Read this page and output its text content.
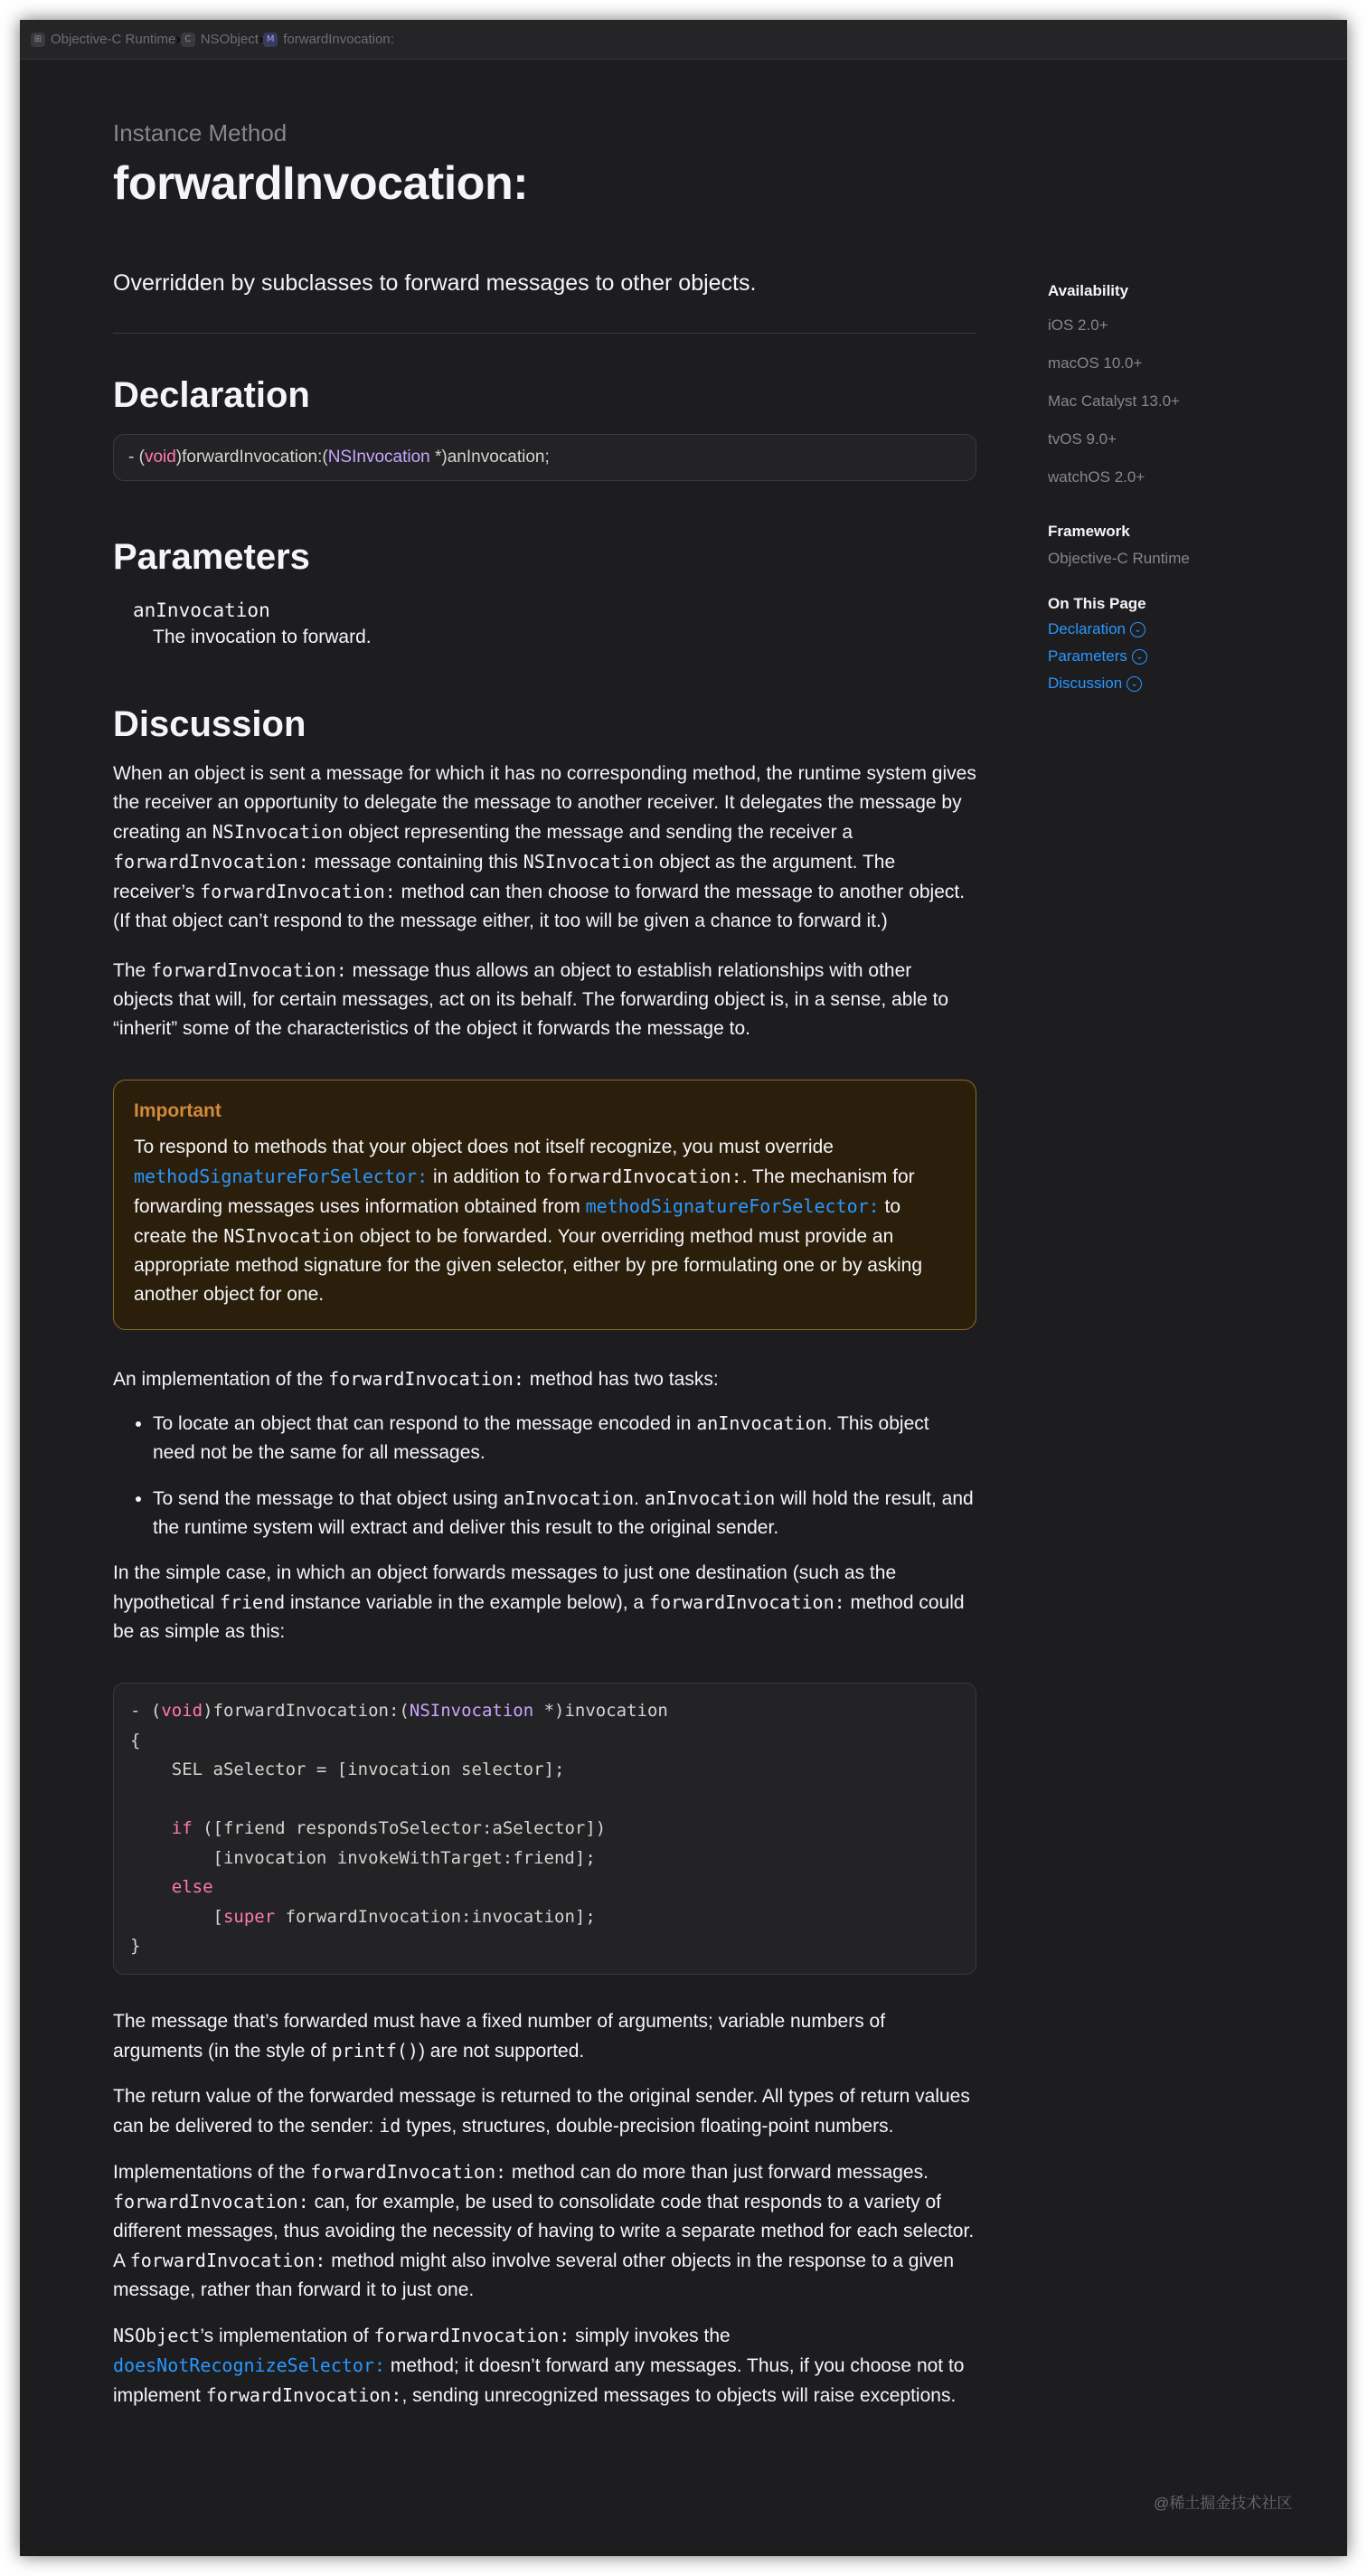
⊞ Objective-C Runtime › C NSObject › M forwardInvocation:
Instance Method
forwardInvocation:
Overridden by subclasses to forward messages to other objects.
Declaration
- (void)forwardInvocation:(NSInvocation *)anInvocation;
Parameters
anInvocation
The invocation to forward.
Discussion

When an object is sent a message for which it has no corresponding method, the runtime system gives the receiver an opportunity to delegate the message to another receiver. It delegates the message by creating an NSInvocation object representing the message and sending the receiver a forwardInvocation: message containing this NSInvocation object as the argument. The receiver’s forwardInvocation: method can then choose to forward the message to another object. (If that object can’t respond to the message either, it too will be given a chance to forward it.)

The forwardInvocation: message thus allows an object to establish relationships with other objects that will, for certain messages, act on its behalf. The forwarding object is, in a sense, able to “inherit” some of the characteristics of the object it forwards the message to.

Important

To respond to methods that your object does not itself recognize, you must override methodSignatureForSelector: in addition to forwardInvocation:. The mechanism for forwarding messages uses information obtained from methodSignatureForSelector: to create the NSInvocation object to be forwarded. Your overriding method must provide an appropriate method signature for the given selector, either by pre formulating one or by asking another object for one.

An implementation of the forwardInvocation: method has two tasks:

• To locate an object that can respond to the message encoded in anInvocation. This object need not be the same for all messages.
• To send the message to that object using anInvocation. anInvocation will hold the result, and the runtime system will extract and deliver this result to the original sender.

In the simple case, in which an object forwards messages to just one destination (such as the hypothetical friend instance variable in the example below), a forwardInvocation: method could be as simple as this:

- (void)forwardInvocation:(NSInvocation *)invocation
{
SEL aSelector = [invocation selector];
if ([friend respondsToSelector:aSelector])
[invocation invokeWithTarget:friend];
else
[super forwardInvocation:invocation];
}

The message that’s forwarded must have a fixed number of arguments; variable numbers of arguments (in the style of printf()) are not supported.

The return value of the forwarded message is returned to the original sender. All types of return values can be delivered to the sender: id types, structures, double-precision floating-point numbers.

Implementations of the forwardInvocation: method can do more than just forward messages. forwardInvocation: can, for example, be used to consolidate code that responds to a variety of different messages, thus avoiding the necessity of having to write a separate method for each selector. A forwardInvocation: method might also involve several other objects in the response to a given message, rather than forward it to just one.

NSObject’s implementation of forwardInvocation: simply invokes the doesNotRecognizeSelector: method; it doesn’t forward any messages. Thus, if you choose not to implement forwardInvocation:, sending unrecognized messages to objects will raise exceptions.

Availability
iOS 2.0+
macOS 10.0+
Mac Catalyst 13.0+
tvOS 9.0+
watchOS 2.0+
Framework
Objective-C Runtime
On This Page
Declaration ⌄
Parameters ⌄
Discussion ⌄
@稀土掘金技术社区
